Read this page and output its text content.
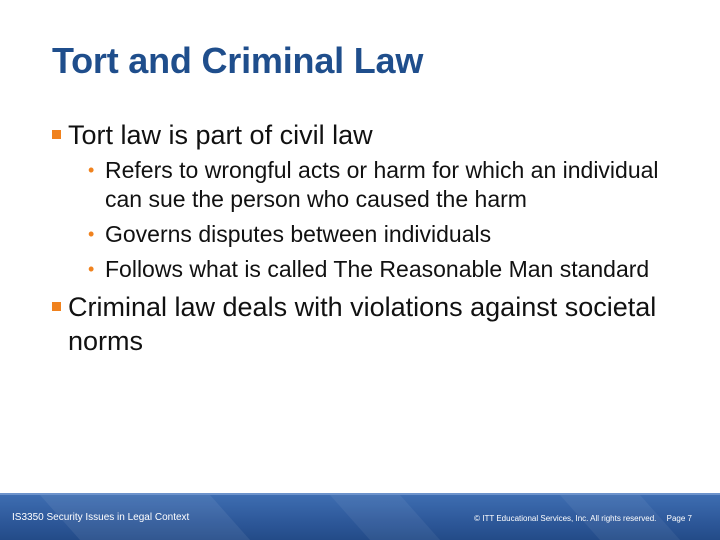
Tort and Criminal Law
Tort law is part of civil law
• Refers to wrongful acts or harm for which an individual can sue the person who caused the harm
• Governs disputes between individuals
• Follows what is called The Reasonable Man standard
Criminal law deals with violations against societal norms
IS3350 Security Issues in Legal Context	© ITT Educational Services, Inc. All rights reserved. Page 7
